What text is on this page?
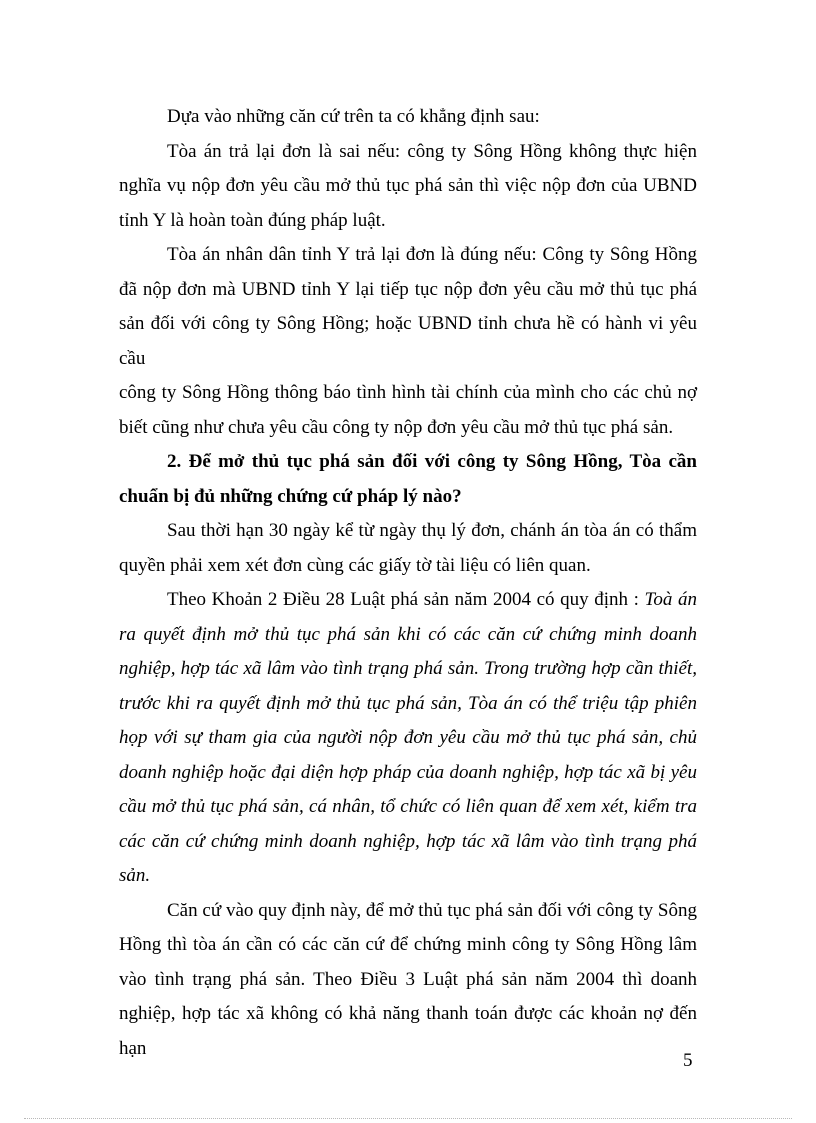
Dựa vào những căn cứ trên ta có khẳng định sau:

Tòa án trả lại đơn là sai nếu: công ty Sông Hồng không thực hiện

nghĩa vụ nộp đơn yêu cầu mở thủ tục phá sản thì việc nộp đơn của UBND

tỉnh Y là hoàn toàn đúng pháp luật.

Tòa án nhân dân tỉnh Y trả lại đơn là đúng nếu: Công ty Sông Hồng

đã nộp đơn mà UBND tỉnh Y lại tiếp tục nộp đơn yêu cầu mở thủ tục phá

sản đối với công ty Sông Hồng; hoặc UBND tỉnh chưa hề có hành vi yêu cầu

công ty Sông Hồng thông báo tình hình tài chính của mình cho các chủ nợ

biết cũng như chưa yêu cầu công ty nộp đơn yêu cầu mở thủ tục phá sản.

2. Để mở thủ tục phá sản đối với công ty Sông Hồng, Tòa cần

chuẩn bị đủ những chứng cứ pháp lý nào?

Sau thời hạn 30 ngày kể từ ngày thụ lý đơn, chánh án tòa án có thẩm

quyền phải xem xét đơn cùng các giấy tờ tài liệu có liên quan.

Theo Khoản 2 Điều 28 Luật phá sản năm 2004 có quy định : Toà án

ra quyết định mở thủ tục phá sản khi có các căn cứ chứng minh doanh

nghiệp, hợp tác xã lâm vào tình trạng phá sản. Trong trường hợp cần thiết,

trước khi ra quyết định mở thủ tục phá sản, Tòa án có thể triệu tập phiên

họp với sự tham gia của người nộp đơn yêu cầu mở thủ tục phá sản, chủ

doanh nghiệp hoặc đại diện hợp pháp của doanh nghiệp, hợp tác xã bị yêu

cầu mở thủ tục phá sản, cá nhân, tổ chức có liên quan để xem xét, kiểm tra

các căn cứ chứng minh doanh nghiệp, hợp tác xã lâm vào tình trạng phá

sản.

Căn cứ vào quy định này, để mở thủ tục phá sản đối với công ty Sông

Hồng thì tòa án cần có các căn cứ để chứng minh công ty Sông Hồng lâm

vào tình trạng phá sản. Theo Điều 3 Luật phá sản năm 2004 thì doanh

nghiệp, hợp tác xã không có khả năng thanh toán được các khoản nợ đến hạn

5
